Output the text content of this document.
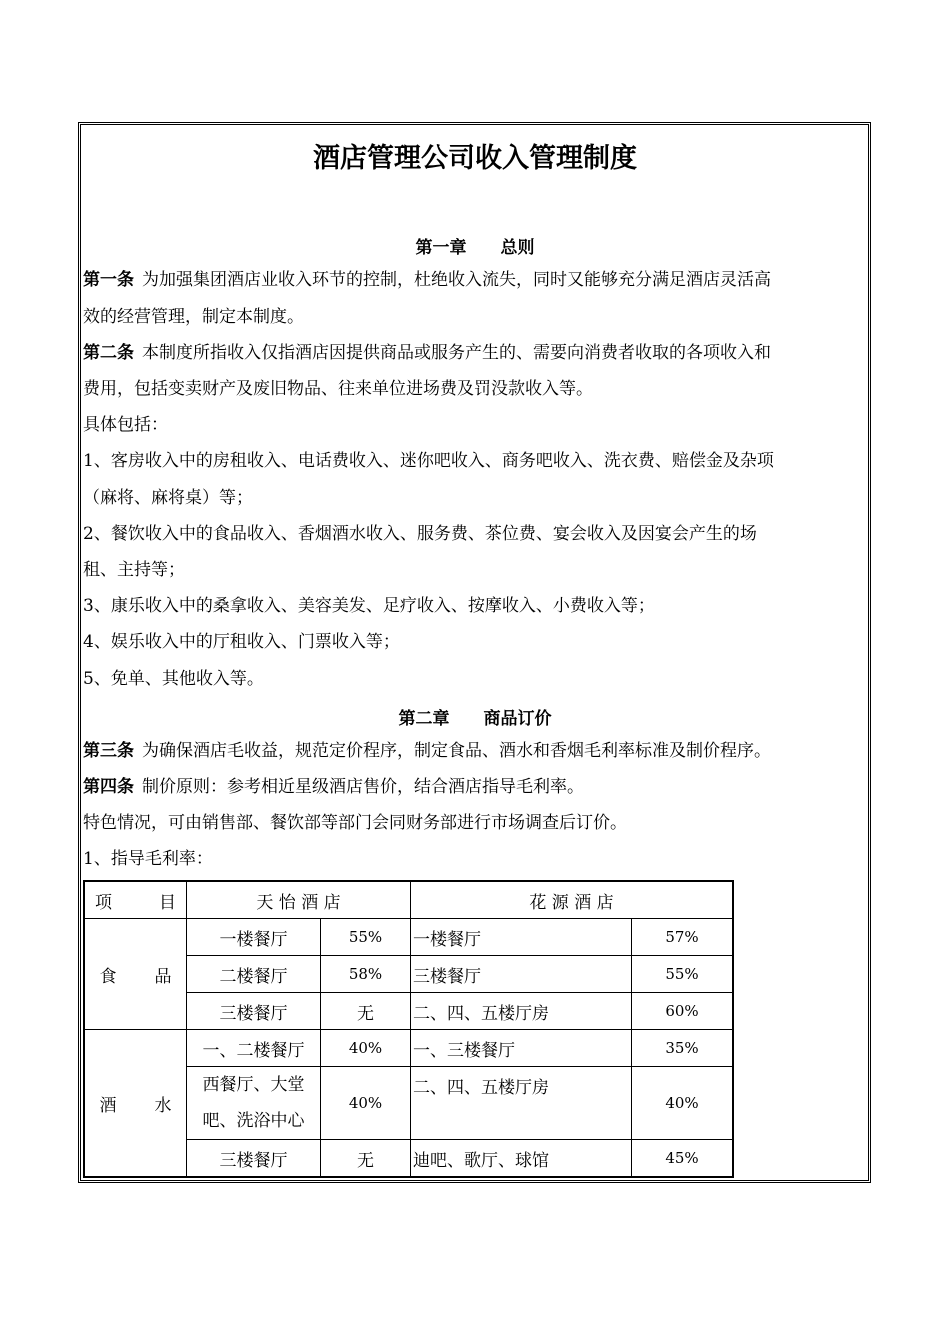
酒店管理公司收入管理制度
第一章 总则
第一条 为加强集团酒店业收入环节的控制，杜绝收入流失，同时又能够充分满足酒店灵活高
效的经营管理，制定本制度。
第二条 本制度所指收入仅指酒店因提供商品或服务产生的、需要向消费者收取的各项收入和
费用，包括变卖财产及废旧物品、往来单位进场费及罚没款收入等。
具体包括：
1、客房收入中的房租收入、电话费收入、迷你吧收入、商务吧收入、洗衣费、赔偿金及杂项
（麻将、麻将桌）等；
2、餐饮收入中的食品收入、香烟酒水收入、服务费、茶位费、宴会收入及因宴会产生的场
租、主持等；
3、康乐收入中的桑拿收入、美容美发、足疗收入、按摩收入、小费收入等；
4、娱乐收入中的厅租收入、门票收入等；
5、免单、其他收入等。
第二章 商品订价
第三条 为确保酒店毛收益，规范定价程序，制定食品、酒水和香烟毛利率标准及制价程序。
第四条 制价原则：参考相近星级酒店售价，结合酒店指导毛利率。
特色情况，可由销售部、餐饮部等部门会同财务部进行市场调查后订价。
1、指导毛利率：
项 目	天 怡 酒 店		花 源 酒 店	
食 品	一楼餐厅	55%	一楼餐厅	57%
	二楼餐厅	58%	三楼餐厅	55%
	三楼餐厅	无	二、四、五楼厅房	60%
酒 水	一、二楼餐厅	40%	一、三楼餐厅	35%

	西餐厅、大堂
吧、洗浴中心	40%	二、四、五楼厅房	40%
	三楼餐厅	无	迪吧、歌厅、球馆	45%
